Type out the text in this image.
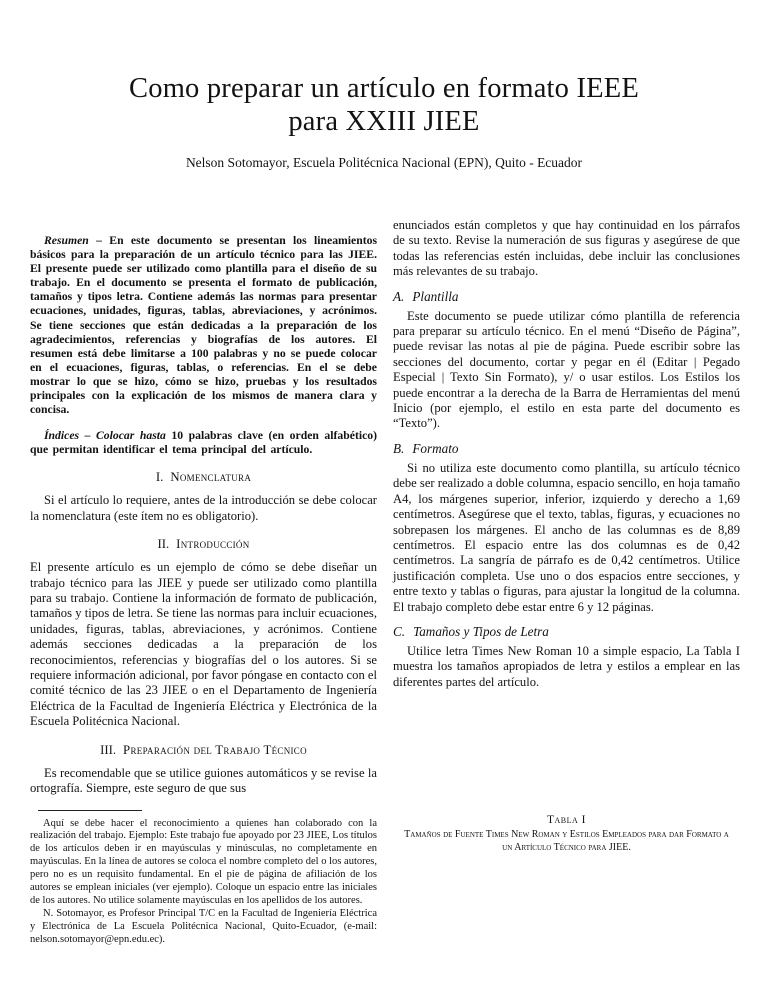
Como preparar un artículo en formato IEEE
para XXIII JIEE
Nelson Sotomayor, Escuela Politécnica Nacional (EPN), Quito - Ecuador

Resumen – En este documento se presentan los lineamientos básicos para la preparación de un artículo técnico para las JIEE. El presente puede ser utilizado como plantilla para el diseño de su trabajo. En el documento se presenta el formato de publicación, tamaños y tipos letra. Contiene además las normas para presentar ecuaciones, unidades, figuras, tablas, abreviaciones, y acrónimos. Se tiene secciones que están dedicadas a la preparación de los agradecimientos, referencias y biografías de los autores. El resumen está debe limitarse a 100 palabras y no se puede colocar en el ecuaciones, figuras, tablas, o referencias. En el se debe mostrar lo que se hizo, cómo se hizo, pruebas y los resultados principales con la explicación de los mismos de manera clara y concisa.

Índices – Colocar hasta 10 palabras clave (en orden alfabético) que permitan identificar el tema principal del artículo.

I. Nomenclatura

Si el artículo lo requiere, antes de la introducción se debe colocar la nomenclatura (este ítem no es obligatorio).

II. Introducción

El presente artículo es un ejemplo de cómo se debe diseñar un trabajo técnico para las JIEE y puede ser utilizado como plantilla para su trabajo. Contiene la información de formato de publicación, tamaños y tipos de letra. Se tiene las normas para incluir ecuaciones, unidades, figuras, tablas, abreviaciones, y acrónimos. Contiene además secciones dedicadas a la preparación de los reconocimientos, referencias y biografías del o los autores. Si se requiere información adicional, por favor póngase en contacto con el comité técnico de las 23 JIEE o en el Departamento de Ingeniería Eléctrica de la Facultad de Ingeniería Eléctrica y Electrónica de la Escuela Politécnica Nacional.

III. Preparación del Trabajo Técnico

Es recomendable que se utilice guiones automáticos y se revise la ortografía. Siempre, este seguro de que sus

Aquí se debe hacer el reconocimiento a quienes han colaborado con la realización del trabajo. Ejemplo: Este trabajo fue apoyado por 23 JIEE, Los títulos de los artículos deben ir en mayúsculas y minúsculas, no completamente en mayúsculas. En la línea de autores se coloca el nombre completo del o los autores, pero no es un requisito fundamental. En el pie de página de afiliación de los autores se emplean iniciales (ver ejemplo). Coloque un espacio entre las iniciales de los autores. No utilice solamente mayúsculas en los apellidos de los autores.

N. Sotomayor, es Profesor Principal T/C en la Facultad de Ingeniería Eléctrica y Electrónica de La Escuela Politécnica Nacional, Quito-Ecuador, (e-mail: nelson.sotomayor@epn.edu.ec).

enunciados están completos y que hay continuidad en los párrafos de su texto. Revise la numeración de sus figuras y asegúrese de que todas las referencias estén incluidas, debe incluir las conclusiones más relevantes de su trabajo.

A. Plantilla

Este documento se puede utilizar cómo plantilla de referencia para preparar su artículo técnico. En el menú “Diseño de Página”, puede revisar las notas al pie de página. Puede escribir sobre las secciones del documento, cortar y pegar en él (Editar | Pegado Especial | Texto Sin Formato), y/ o usar estilos. Los Estilos los puede encontrar a la derecha de la Barra de Herramientas del menú Inicio (por ejemplo, el estilo en esta parte del documento es “Texto”).

B. Formato

Si no utiliza este documento como plantilla, su artículo técnico debe ser realizado a doble columna, espacio sencillo, en hoja tamaño A4, los márgenes superior, inferior, izquierdo y derecho a 1,69 centímetros. Asegúrese que el texto, tablas, figuras, y ecuaciones no sobrepasen los márgenes. El ancho de las columnas es de 8,89 centímetros. El espacio entre las dos columnas es de 0,42 centímetros. La sangría de párrafo es de 0,42 centímetros. Utilice justificación completa. Use uno o dos espacios entre secciones, y entre texto y tablas o figuras, para ajustar la longitud de la columna. El trabajo completo debe estar entre 6 y 12 páginas.

C. Tamaños y Tipos de Letra

Utilice letra Times New Roman 10 a simple espacio, La Tabla I muestra los tamaños apropiados de letra y estilos a emplear en las diferentes partes del artículo.

Tabla I
Tamaños de Fuente Times New Roman y Estilos Empleados para dar Formato a un Artículo Técnico para JIEE.
